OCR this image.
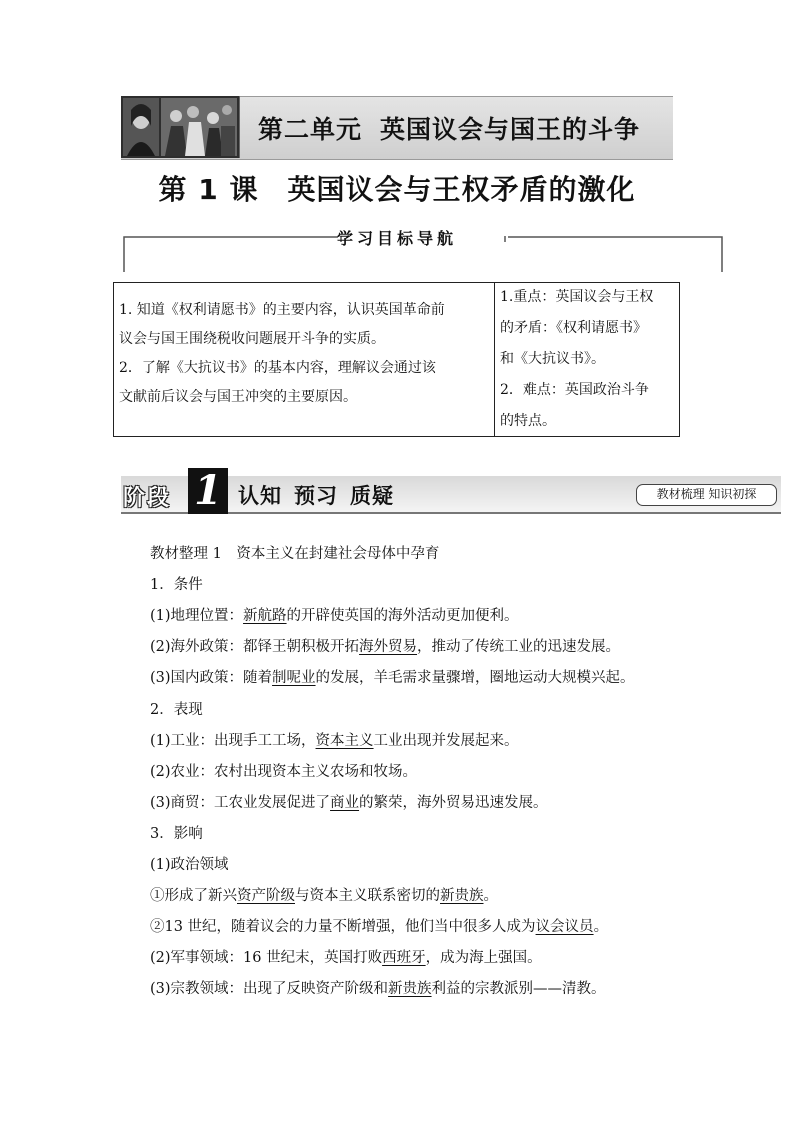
第二单元 英国议会与国王的斗争
第 1 课　英国议会与王权矛盾的激化
学习目标导航
1. 知道《权利请愿书》的主要内容，认识英国革命前
议会与国王围绕税收问题展开斗争的实质。
2．了解《大抗议书》的基本内容，理解议会通过该
文献前后议会与国王冲突的主要原因。
1.重点：英国议会与王权
的矛盾：《权利请愿书》
和《大抗议书》。
2．难点：英国政治斗争
的特点。
阶段 1 认知 预习 质疑	教材梳理 知识初探
教材整理 1　资本主义在封建社会母体中孕育
1．条件
(1)地理位置：新航路的开辟使英国的海外活动更加便利。
(2)海外政策：都铎王朝积极开拓海外贸易，推动了传统工业的迅速发展。
(3)国内政策：随着制呢业的发展，羊毛需求量骤增，圈地运动大规模兴起。
2．表现
(1)工业：出现手工工场，资本主义工业出现并发展起来。
(2)农业：农村出现资本主义农场和牧场。
(3)商贸：工农业发展促进了商业的繁荣，海外贸易迅速发展。
3．影响
(1)政治领域
①形成了新兴资产阶级与资本主义联系密切的新贵族。
②13 世纪，随着议会的力量不断增强，他们当中很多人成为议会议员。
(2)军事领域：16 世纪末，英国打败西班牙，成为海上强国。
(3)宗教领域：出现了反映资产阶级和新贵族利益的宗教派别——清教。
